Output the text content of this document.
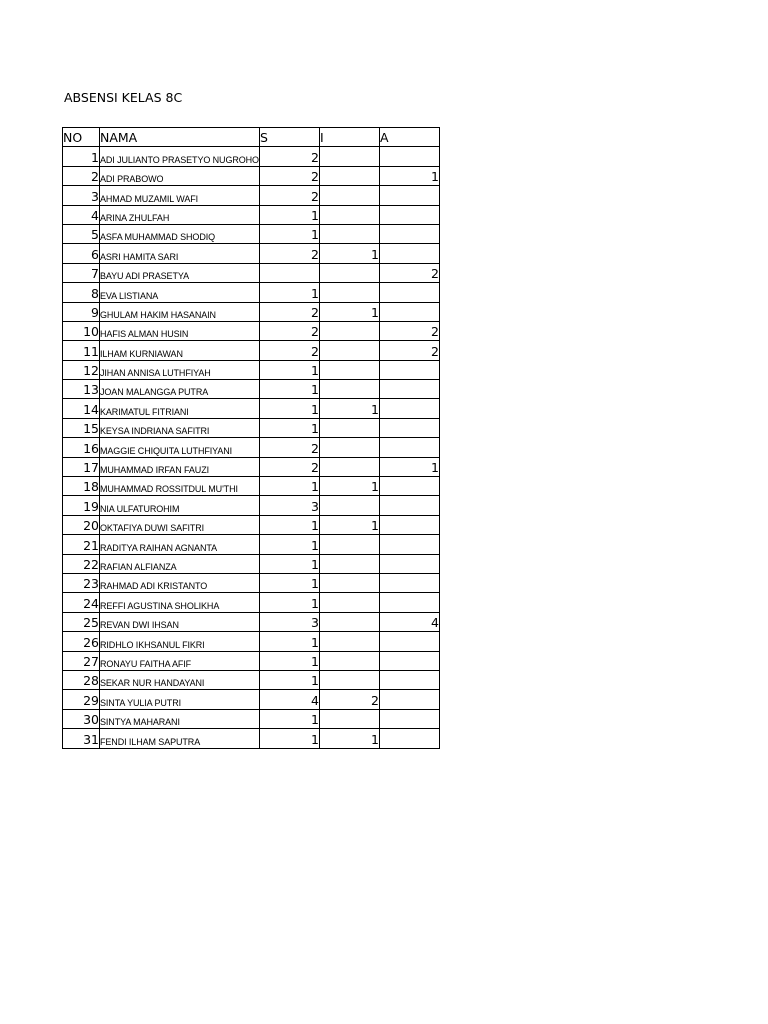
ABSENSI KELAS 8C
NO	NAMA	S	I	A
1	ADI JULIANTO PRASETYO NUGROHO	2		
2	ADI PRABOWO	2		1
3	AHMAD MUZAMIL WAFI	2		
4	ARINA ZHULFAH	1		
5	ASFA MUHAMMAD SHODIQ	1		
6	ASRI HAMITA SARI	2	1	
7	BAYU ADI PRASETYA			2
8	EVA LISTIANA	1		
9	GHULAM HAKIM HASANAIN	2	1	
10	HAFIS ALMAN HUSIN	2		2
11	ILHAM KURNIAWAN	2		2
12	JIHAN ANNISA LUTHFIYAH	1		
13	JOAN MALANGGA PUTRA	1		
14	KARIMATUL FITRIANI	1	1	
15	KEYSA INDRIANA SAFITRI	1		
16	MAGGIE CHIQUITA LUTHFIYANI	2		
17	MUHAMMAD IRFAN FAUZI	2		1
18	MUHAMMAD ROSSITDUL MU'THI	1	1	
19	NIA ULFATUROHIM	3		
20	OKTAFIYA DUWI SAFITRI	1	1	
21	RADITYA RAIHAN AGNANTA	1		
22	RAFIAN ALFIANZA	1		
23	RAHMAD ADI KRISTANTO	1		
24	REFFI AGUSTINA SHOLIKHA	1		
25	REVAN DWI IHSAN	3		4
26	RIDHLO IKHSANUL FIKRI	1		
27	RONAYU FAITHA AFIF	1		
28	SEKAR NUR HANDAYANI	1		
29	SINTA YULIA PUTRI	4	2	
30	SINTYA MAHARANI	1		
31	FENDI ILHAM SAPUTRA	1	1	
